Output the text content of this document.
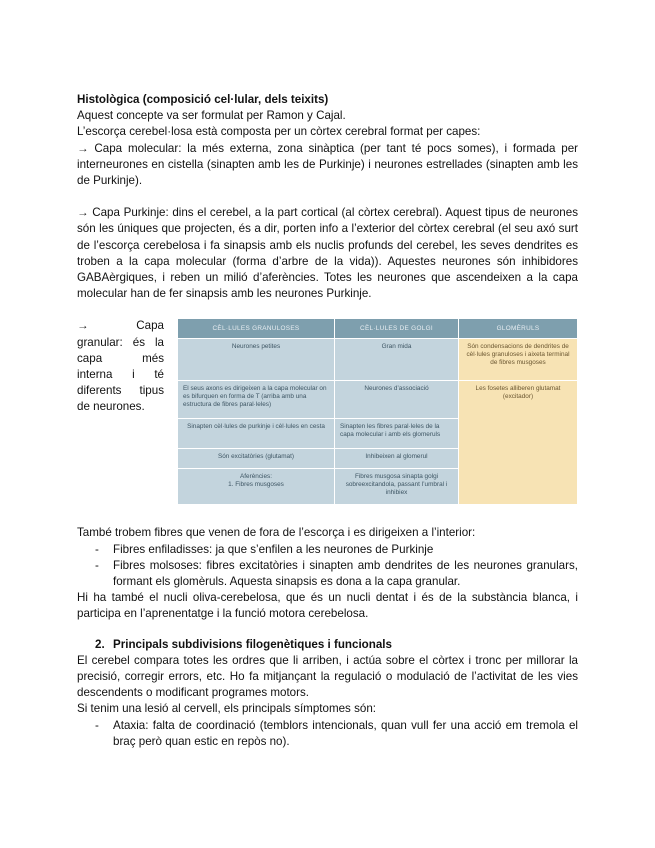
Histològica (composició cel·lular, dels teixits)

Aquest concepte va ser formulat per Ramon y Cajal.

L’escorça cerebel·losa està composta per un còrtex cerebral format per capes:

→ Capa molecular: la més externa, zona sinàptica (per tant té pocs somes), i formada per interneurones en cistella (sinapten amb les de Purkinje) i neurones estrellades (sinapten amb les de Purkinje).

→ Capa Purkinje: dins el cerebel, a la part cortical (al còrtex cerebral). Aquest tipus de neurones són les úniques que projecten, és a dir, porten info a l’exterior del còrtex cerebral (el seu axó surt de l’escorça cerebelosa i fa sinapsis amb els nuclis profunds del cerebel, les seves dendrites es troben a la capa molecular (forma d’arbre de la vida)). Aquestes neurones són inhibidores GABAèrgiques, i reben un milió d’aferències. Totes les neurones que ascendeixen a la capa molecular han de fer sinapsis amb les neurones Purkinje.

→ Capa granular: és la capa més interna i té diferents tipus de neurones.

CÈL·LULES GRANULOSES	CÈL·LULES DE GOLGI	GLOMÈRULS
Neurones petites	Gran mida	Són condensacions de dendrites de cèl·lules granuloses i aixeta terminal de fibres musgoses
El seus axons es dirigeixen a la capa molecular on es bifurquen en forma de T (arriba amb una estructura de fibres paral·leles)	Neurones d’associació	Les fosetes alliberen glutamat (excitador)
Sinapten cèl·lules de purkinje i cèl·lules en cesta	Sinapten les fibres paral·leles de la capa molecular i amb els glomeruls	
Són excitatòries (glutamat)	Inhibeixen al glomerul	
Aferències:
1. Fibres musgoses	Fibres musgosa sinapta golgi sobreexcitandola, passant l’umbral i inhibiex	

També trobem fibres que venen de fora de l’escorça i es dirigeixen a l’interior:

- Fibres enfiladisses: ja que s’enfilen a les neurones de Purkinje
- Fibres molsoses: fibres excitatòries i sinapten amb dendrites de les neurones granulars, formant els glomèruls. Aquesta sinapsis es dona a la capa granular.

Hi ha també el nucli oliva-cerebelosa, que és un nucli dentat i és de la substància blanca, i participa en l’aprenentatge i la funció motora cerebelosa.

2. Principals subdivisions filogenètiques i funcionals

El cerebel compara totes les ordres que li arriben, i actúa sobre el còrtex i tronc per millorar la precisió, corregir errors, etc. Ho fa mitjançant la regulació o modulació de l’activitat de les vies descendents o modificant programes motors.

Si tenim una lesió al cervell, els principals símptomes són:

- Ataxia: falta de coordinació (temblors intencionals, quan vull fer una acció em tremola el braç però quan estic en repòs no).
